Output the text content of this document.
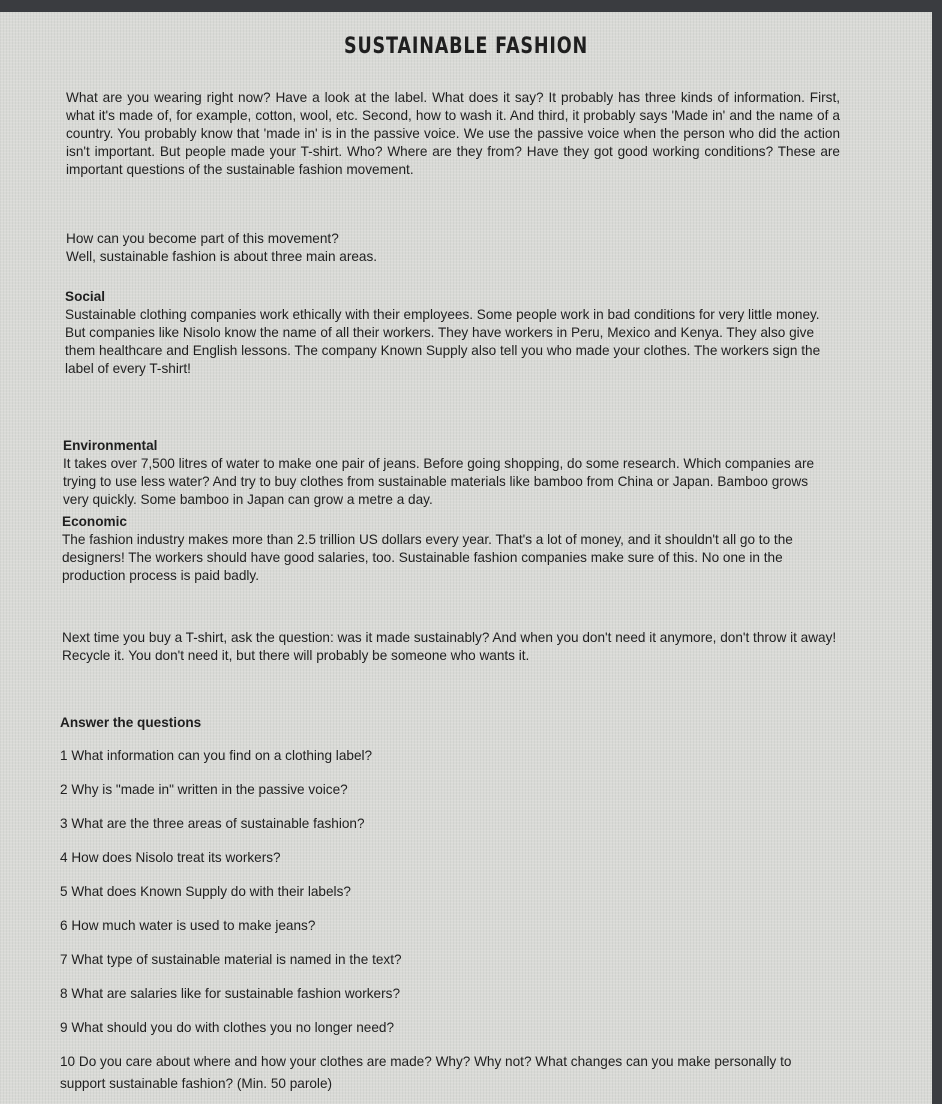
SUSTAINABLE FASHION
What are you wearing right now? Have a look at the label. What does it say? It probably has three kinds of information. First, what it's made of, for example, cotton, wool, etc. Second, how to wash it. And third, it probably says 'Made in' and the name of a country. You probably know that 'made in' is in the passive voice. We use the passive voice when the person who did the action isn't important. But people made your T-shirt. Who? Where are they from? Have they got good working conditions? These are important questions of the sustainable fashion movement.
How can you become part of this movement?
Well, sustainable fashion is about three main areas.
Social
Sustainable clothing companies work ethically with their employees. Some people work in bad conditions for very little money. But companies like Nisolo know the name of all their workers. They have workers in Peru, Mexico and Kenya. They also give them healthcare and English lessons. The company Known Supply also tell you who made your clothes. The workers sign the label of every T-shirt!
Environmental
It takes over 7,500 litres of water to make one pair of jeans. Before going shopping, do some research. Which companies are trying to use less water? And try to buy clothes from sustainable materials like bamboo from China or Japan. Bamboo grows very quickly. Some bamboo in Japan can grow a metre a day.
Economic
The fashion industry makes more than 2.5 trillion US dollars every year. That's a lot of money, and it shouldn't all go to the designers! The workers should have good salaries, too. Sustainable fashion companies make sure of this. No one in the production process is paid badly.
Next time you buy a T-shirt, ask the question: was it made sustainably? And when you don't need it anymore, don't throw it away! Recycle it. You don't need it, but there will probably be someone who wants it.
Answer the questions
1 What information can you find on a clothing label?
2 Why is "made in" written in the passive voice?
3 What are the three areas of sustainable fashion?
4 How does Nisolo treat its workers?
5 What does Known Supply do with their labels?
6 How much water is used to make jeans?
7 What type of sustainable material is named in the text?
8 What are salaries like for sustainable fashion workers?
9 What should you do with clothes you no longer need?
10 Do you care about where and how your clothes are made? Why? Why not? What changes can you make personally to support sustainable fashion? (Min. 50 parole)
